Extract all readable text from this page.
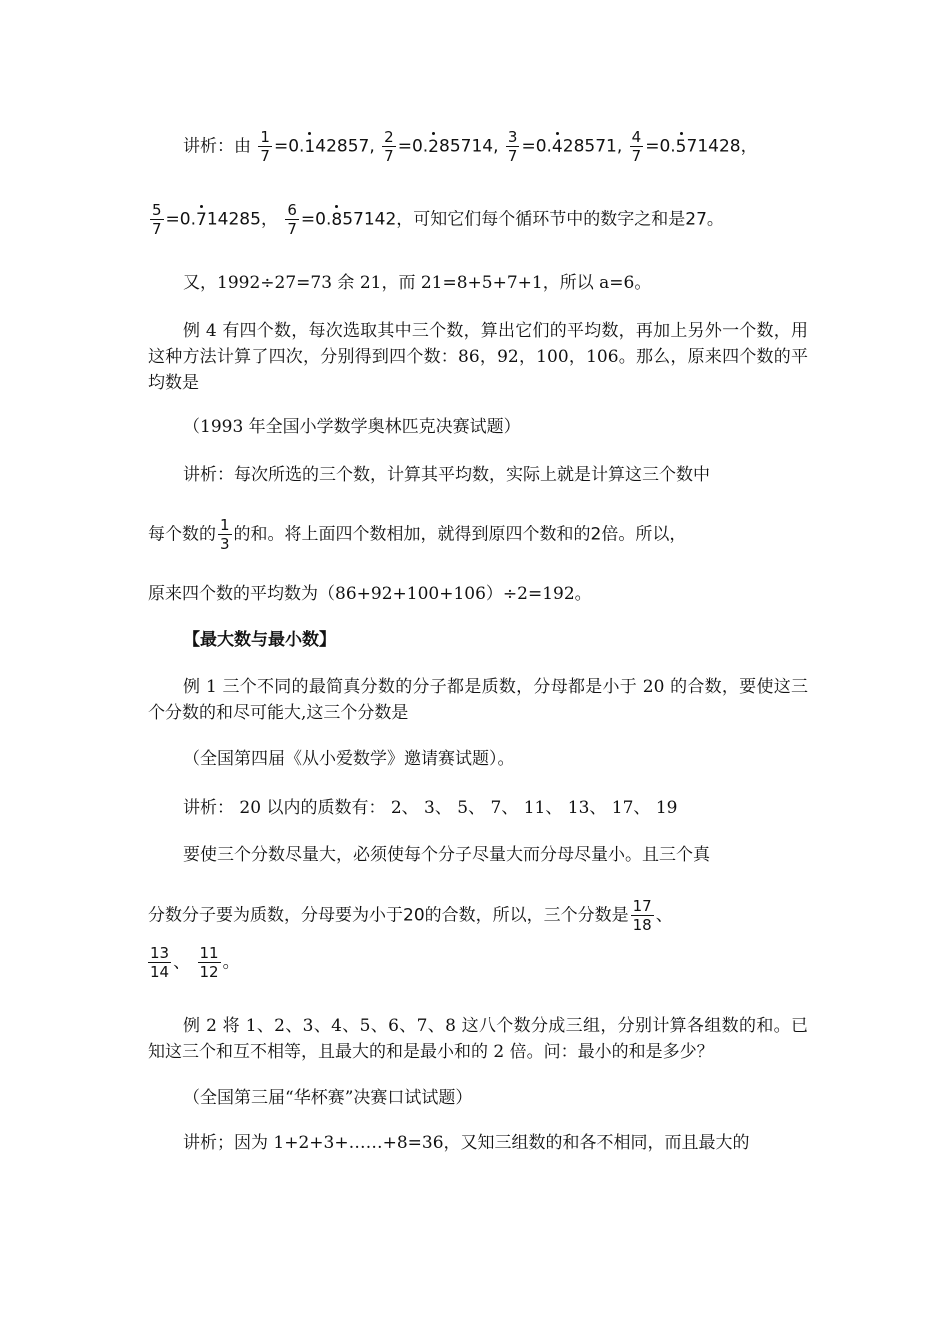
讲析：由 $\frac{1}{7} =0.142857$, $\frac{2}{7} =0.285714$, $\frac{3}{7} =0.428571$, $\frac{4}{7} =0.571428$，
$\frac{5}{7} =0.714285$， $\frac{6}{7} =0.857142$，可知它们每个循环节中的数字之和是27。
又，1992÷27=73 余 21，而 21=8+5+7+1，所以 a=6。
例 4 有四个数，每次选取其中三个数，算出它们的平均数，再加上另外一个数，用这种方法计算了四次，分别得到四个数：86，92，100，106。那么，原来四个数的平均数是
（1993 年全国小学数学奥林匹克决赛试题）
讲析：每次所选的三个数，计算其平均数，实际上就是计算这三个数中
每个数的 $\frac{1}{3}$ 的和。将上面四个数相加，就得到原四个数和的2倍。所以，
原来四个数的平均数为（86+92+100+106）÷2=192。
【最大数与最小数】
例 1 三个不同的最简真分数的分子都是质数，分母都是小于 20 的合数，要使这三个分数的和尽可能大,这三个分数是
（全国第四届《从小爱数学》邀请赛试题）。
讲析： 20 以内的质数有： 2、 3、 5、 7、 11、 13、 17、 19
要使三个分数尽量大，必须使每个分子尽量大而分母尽量小。且三个真
分数分子要为质数，分母要为小于20的合数，所以，三个分数是 $\frac{17}{18}$ 、
$\frac{13}{14}$ 、 $\frac{11}{12}$ 。
例 2 将 1、2、3、4、5、6、7、8 这八个数分成三组，分别计算各组数的和。已知这三个和互不相等，且最大的和是最小和的 2 倍。问：最小的和是多少？
（全国第三届“华杯赛”决赛口试试题）
讲析；因为 1+2+3+……+8=36，又知三组数的和各不相同，而且最大的
